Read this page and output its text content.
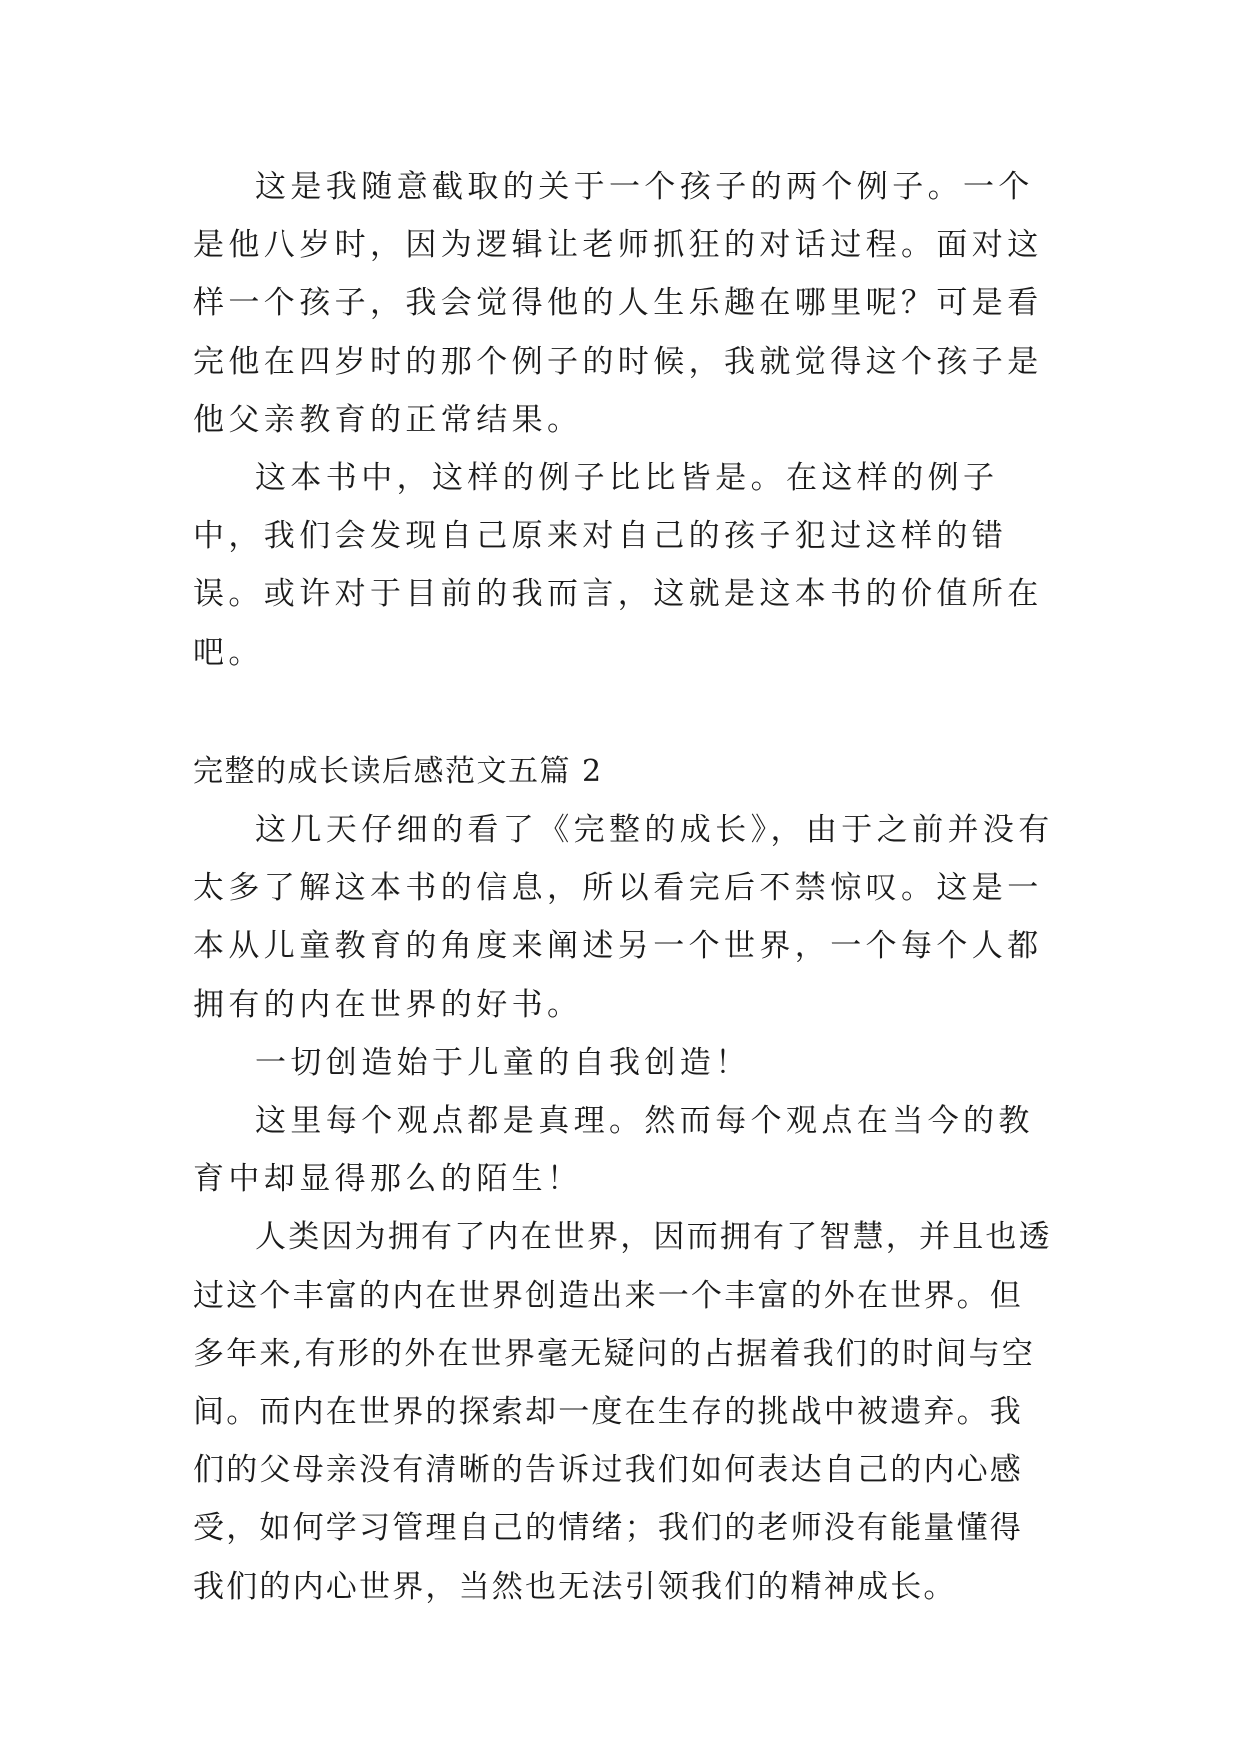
这是我随意截取的关于一个孩子的两个例子。一个是他八岁时，因为逻辑让老师抓狂的对话过程。面对这样一个孩子，我会觉得他的人生乐趣在哪里呢？可是看完他在四岁时的那个例子的时候，我就觉得这个孩子是他父亲教育的正常结果。

这本书中，这样的例子比比皆是。在这样的例子中，我们会发现自己原来对自己的孩子犯过这样的错误。或许对于目前的我而言，这就是这本书的价值所在吧。

完整的成长读后感范文五篇 2

这几天仔细的看了《完整的成长》，由于之前并没有太多了解这本书的信息，所以看完后不禁惊叹。这是一本从儿童教育的角度来阐述另一个世界，一个每个人都拥有的内在世界的好书。

一切创造始于儿童的自我创造！

这里每个观点都是真理。然而每个观点在当今的教育中却显得那么的陌生！

人类因为拥有了内在世界，因而拥有了智慧，并且也透过这个丰富的内在世界创造出来一个丰富的外在世界。但多年来,有形的外在世界毫无疑问的占据着我们的时间与空间。而内在世界的探索却一度在生存的挑战中被遗弃。我们的父母亲没有清晰的告诉过我们如何表达自己的内心感受，如何学习管理自己的情绪；我们的老师没有能量懂得我们的内心世界，当然也无法引领我们的精神成长。
